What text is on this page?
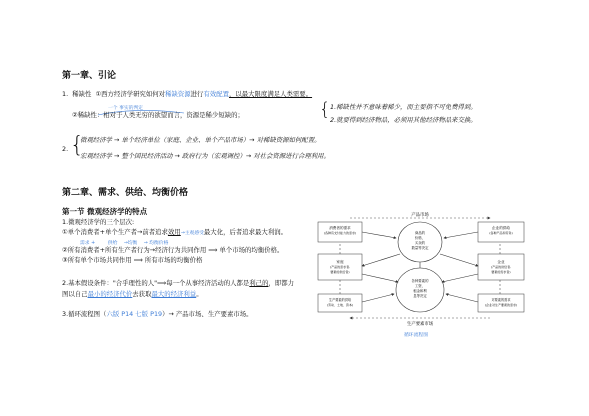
第一章、引论
1. 稀缺性 ①西方经济学研究如何对稀缺资源进行有效配置，以最大限度满足人类需要。
一个 事实的判定
②稀缺性：相对于人类无穷的欲望而言，资源是稀少短缺的；	{ 1.稀缺性并不意味着稀少，而主要指不可免费得到。
2.就要得到经济物品，必须用其他经济物品来交换。
2. {
微观经济学 → 单个经济单位（家庭、企业、单个产品市场）→ 对稀缺资源如何配置。
宏观经济学 → 整个国民经济活动 → 政府行为（宏观调控）→ 对社会资源进行合理利用。
第二章、需求、供给、均衡价格
第一节 微观经济学的特点
1.微观经济学的三个层次:
①单个消费者+单个生产者→前者追求效用→主观感受最大化，后者追求最大利润。
需求 + 　　 供给 　→均衡 　→ 均衡价格
②所有消费者+所有生产者行为→经济行为共同作用 ⟹ 单个市场的均衡价格。
③所有单个市场共同作用 ⟹ 所有市场的均衡价格
2.基本假设条件："合乎理性的人"⟹每一个从事经济活动的人都是利己的，即都力
图以自己最小的经济代价去获取最大的经济利益。
3.循环流程图（六版 P14 七版 P19）→ 产品市场、生产要素市场。
消费者的需求
(各种有支付能力的需求)
产品市场
企业的供给
(各种产品和劳务)
商品的
价格、
买卖的
数量等决定
家庭
(产品的需求者,
要素的供给者)
企业
(产品的供给者,
要素的需求者)
各种要素的
工资、
租金和利
息等决定
生产要素的供给
(劳动、土地、资本)
生产要素市场
对要素的需求
(企业对生产要素的需求)
循环流程图
